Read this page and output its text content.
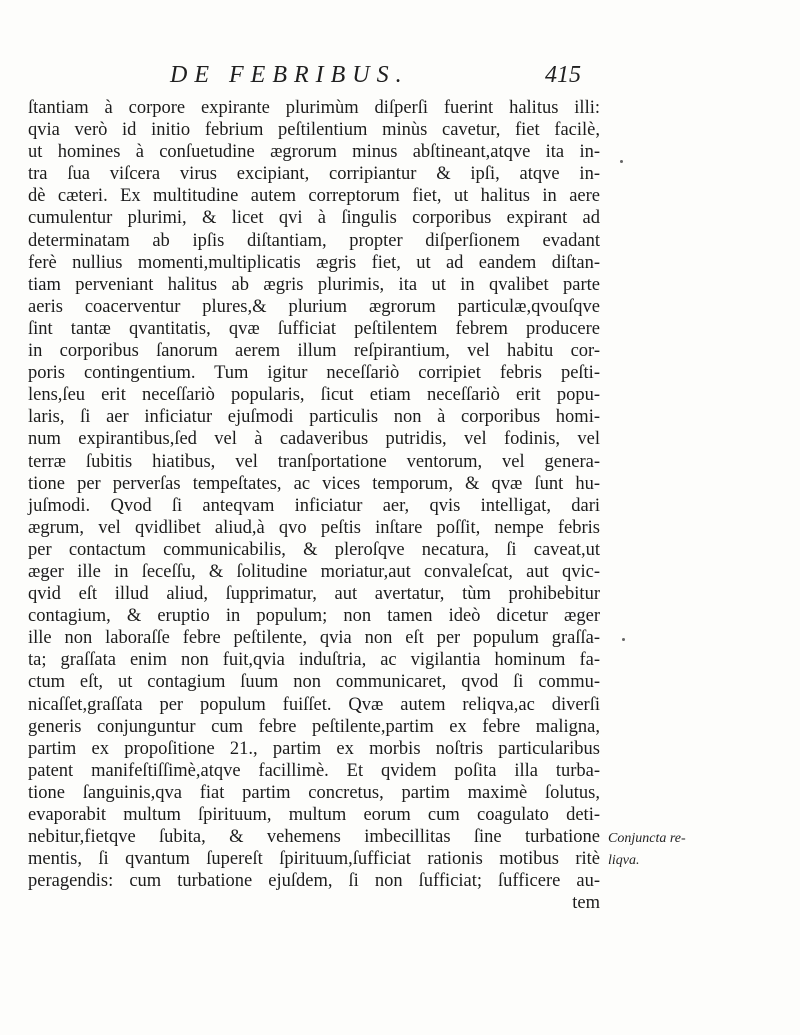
DE FEBRIBUS.	415
ſtantiam à corpore expirante plurimùm diſperſi fuerint halitus illi:
qvia verò id initio febrium peſtilentium minùs cavetur, fiet facilè,
ut homines à conſuetudine ægrorum minus abſtineant,atqve ita in-
tra ſua viſcera virus excipiant, corripiantur & ipſi, atqve in-
dè cæteri. Ex multitudine autem correptorum fiet, ut halitus in aere
cumulentur plurimi, & licet qvi à ſingulis corporibus expirant ad
determinatam ab ipſis diſtantiam, propter diſperſionem evadant
ferè nullius momenti,multiplicatis ægris fiet, ut ad eandem diſtan-
tiam perveniant halitus ab ægris plurimis, ita ut in qvalibet parte
aeris coacerventur plures,& plurium ægrorum particulæ,qvouſqve
ſint tantæ qvantitatis, qvæ ſufficiat peſtilentem febrem producere
in corporibus ſanorum aerem illum reſpirantium, vel habitu cor-
poris contingentium. Tum igitur neceſſariò corripiet febris peſti-
lens,ſeu erit neceſſariò popularis, ſicut etiam neceſſariò erit popu-
laris, ſi aer inficiatur ejuſmodi particulis non à corporibus homi-
num expirantibus,ſed vel à cadaveribus putridis, vel fodinis, vel
terræ ſubitis hiatibus, vel tranſportatione ventorum, vel genera-
tione per perverſas tempeſtates, ac vices temporum, & qvæ ſunt hu-
juſmodi. Qvod ſi anteqvam inficiatur aer, qvis intelligat, dari
ægrum, vel qvidlibet aliud,à qvo peſtis inſtare poſſit, nempe febris
per contactum communicabilis, & pleroſqve necatura, ſi caveat,ut
æger ille in ſeceſſu, & ſolitudine moriatur,aut convaleſcat, aut qvic-
qvid eſt illud aliud, ſupprimatur, aut avertatur, tùm prohibebitur
contagium, & eruptio in populum; non tamen ideò dicetur æger
ille non laboraſſe febre peſtilente, qvia non eſt per populum graſſa-
ta; graſſata enim non fuit,qvia induſtria, ac vigilantia hominum fa-
ctum eſt, ut contagium ſuum non communicaret, qvod ſi commu-
nicaſſet,graſſata per populum fuiſſet. Qvæ autem reliqva,ac diverſi
generis conjunguntur cum febre peſtilente,partim ex febre maligna,
partim ex propoſitione 21., partim ex morbis noſtris particularibus
patent manifeſtiſſimè,atqve facillimè. Et qvidem poſita illa turba-
tione ſanguinis,qva fiat partim concretus, partim maximè ſolutus,
evaporabit multum ſpirituum, multum eorum cum coagulato deti-
nebitur,fietqve ſubita, & vehemens imbecillitas ſine turbatione
mentis, ſi qvantum ſupereſt ſpirituum,ſufficiat rationis motibus ritè
peragendis: cum turbatione ejuſdem, ſi non ſufficiat; ſufficere au-
tem
Conjuncta re-
liqva.
